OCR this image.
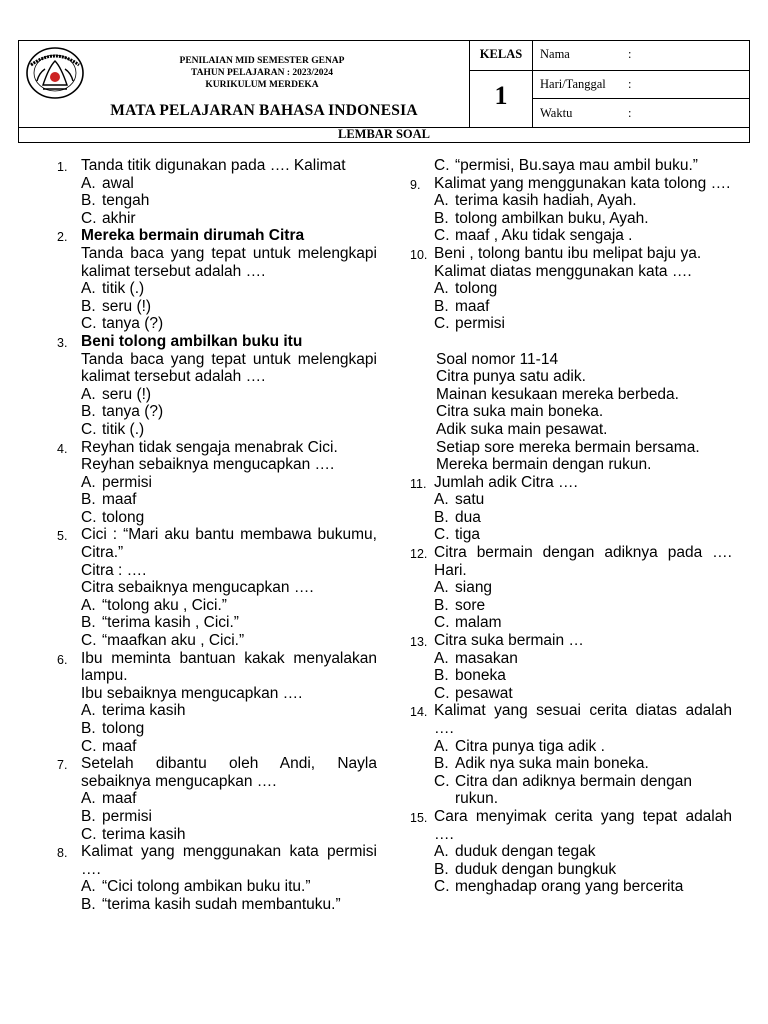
PENILAIAN MID SEMESTER GENAP
TAHUN PELAJARAN : 2023/2024
KURIKULUM MERDEKA
MATA PELAJARAN BAHASA INDONESIA
KELAS
1
Nama	:
Hari/Tanggal :
Waktu	:
LEMBAR SOAL
1. Tanda titik digunakan pada …. Kalimat
A. awal
B. tengah
C. akhir
2. Mereka bermain dirumah Citra
Tanda baca yang tepat untuk melengkapi kalimat tersebut adalah ….
A. titik (.)
B. seru (!)
C. tanya (?)
3. Beni tolong ambilkan buku itu
Tanda baca yang tepat untuk melengkapi kalimat tersebut adalah ….
A. seru (!)
B. tanya (?)
C. titik (.)
4. Reyhan tidak sengaja menabrak Cici.
Reyhan sebaiknya mengucapkan ….
A. permisi
B. maaf
C. tolong
5. Cici : “Mari aku bantu membawa bukumu, Citra.”
Citra : ….
Citra sebaiknya mengucapkan ….
A. “tolong aku , Cici.”
B. “terima kasih , Cici.”
C. “maafkan aku , Cici.”
6. Ibu meminta bantuan kakak menyalakan lampu.
Ibu sebaiknya mengucapkan ….
A. terima kasih
B. tolong
C. maaf
7. Setelah dibantu oleh Andi, Nayla sebaiknya mengucapkan ….
A. maaf
B. permisi
C. terima kasih
8. Kalimat yang menggunakan kata permisi ….
A. “Cici tolong ambikan buku itu.”
B. “terima kasih sudah membantuku.”
C. “permisi, Bu.saya mau ambil buku.”
9. Kalimat yang menggunakan kata tolong ….
A. terima kasih hadiah, Ayah.
B. tolong ambilkan buku, Ayah.
C. maaf , Aku tidak sengaja .
10. Beni , tolong bantu ibu melipat baju ya.
Kalimat diatas menggunakan kata ….
A. tolong
B. maaf
C. permisi
Soal nomor 11-14
Citra punya satu adik.
Mainan kesukaan mereka berbeda.
Citra suka main boneka.
Adik suka main pesawat.
Setiap sore mereka bermain bersama.
Mereka bermain dengan rukun.
11. Jumlah adik Citra ….
A. satu
B. dua
C. tiga
12. Citra bermain dengan adiknya pada …. Hari.
A. siang
B. sore
C. malam
13. Citra suka bermain …
A. masakan
B. boneka
C. pesawat
14. Kalimat yang sesuai cerita diatas adalah ….
A. Citra punya tiga adik .
B. Adik nya suka main boneka.
C. Citra dan adiknya bermain dengan rukun.
15. Cara menyimak cerita yang tepat adalah ….
A. duduk dengan tegak
B. duduk dengan bungkuk
C. menghadap orang yang bercerita
